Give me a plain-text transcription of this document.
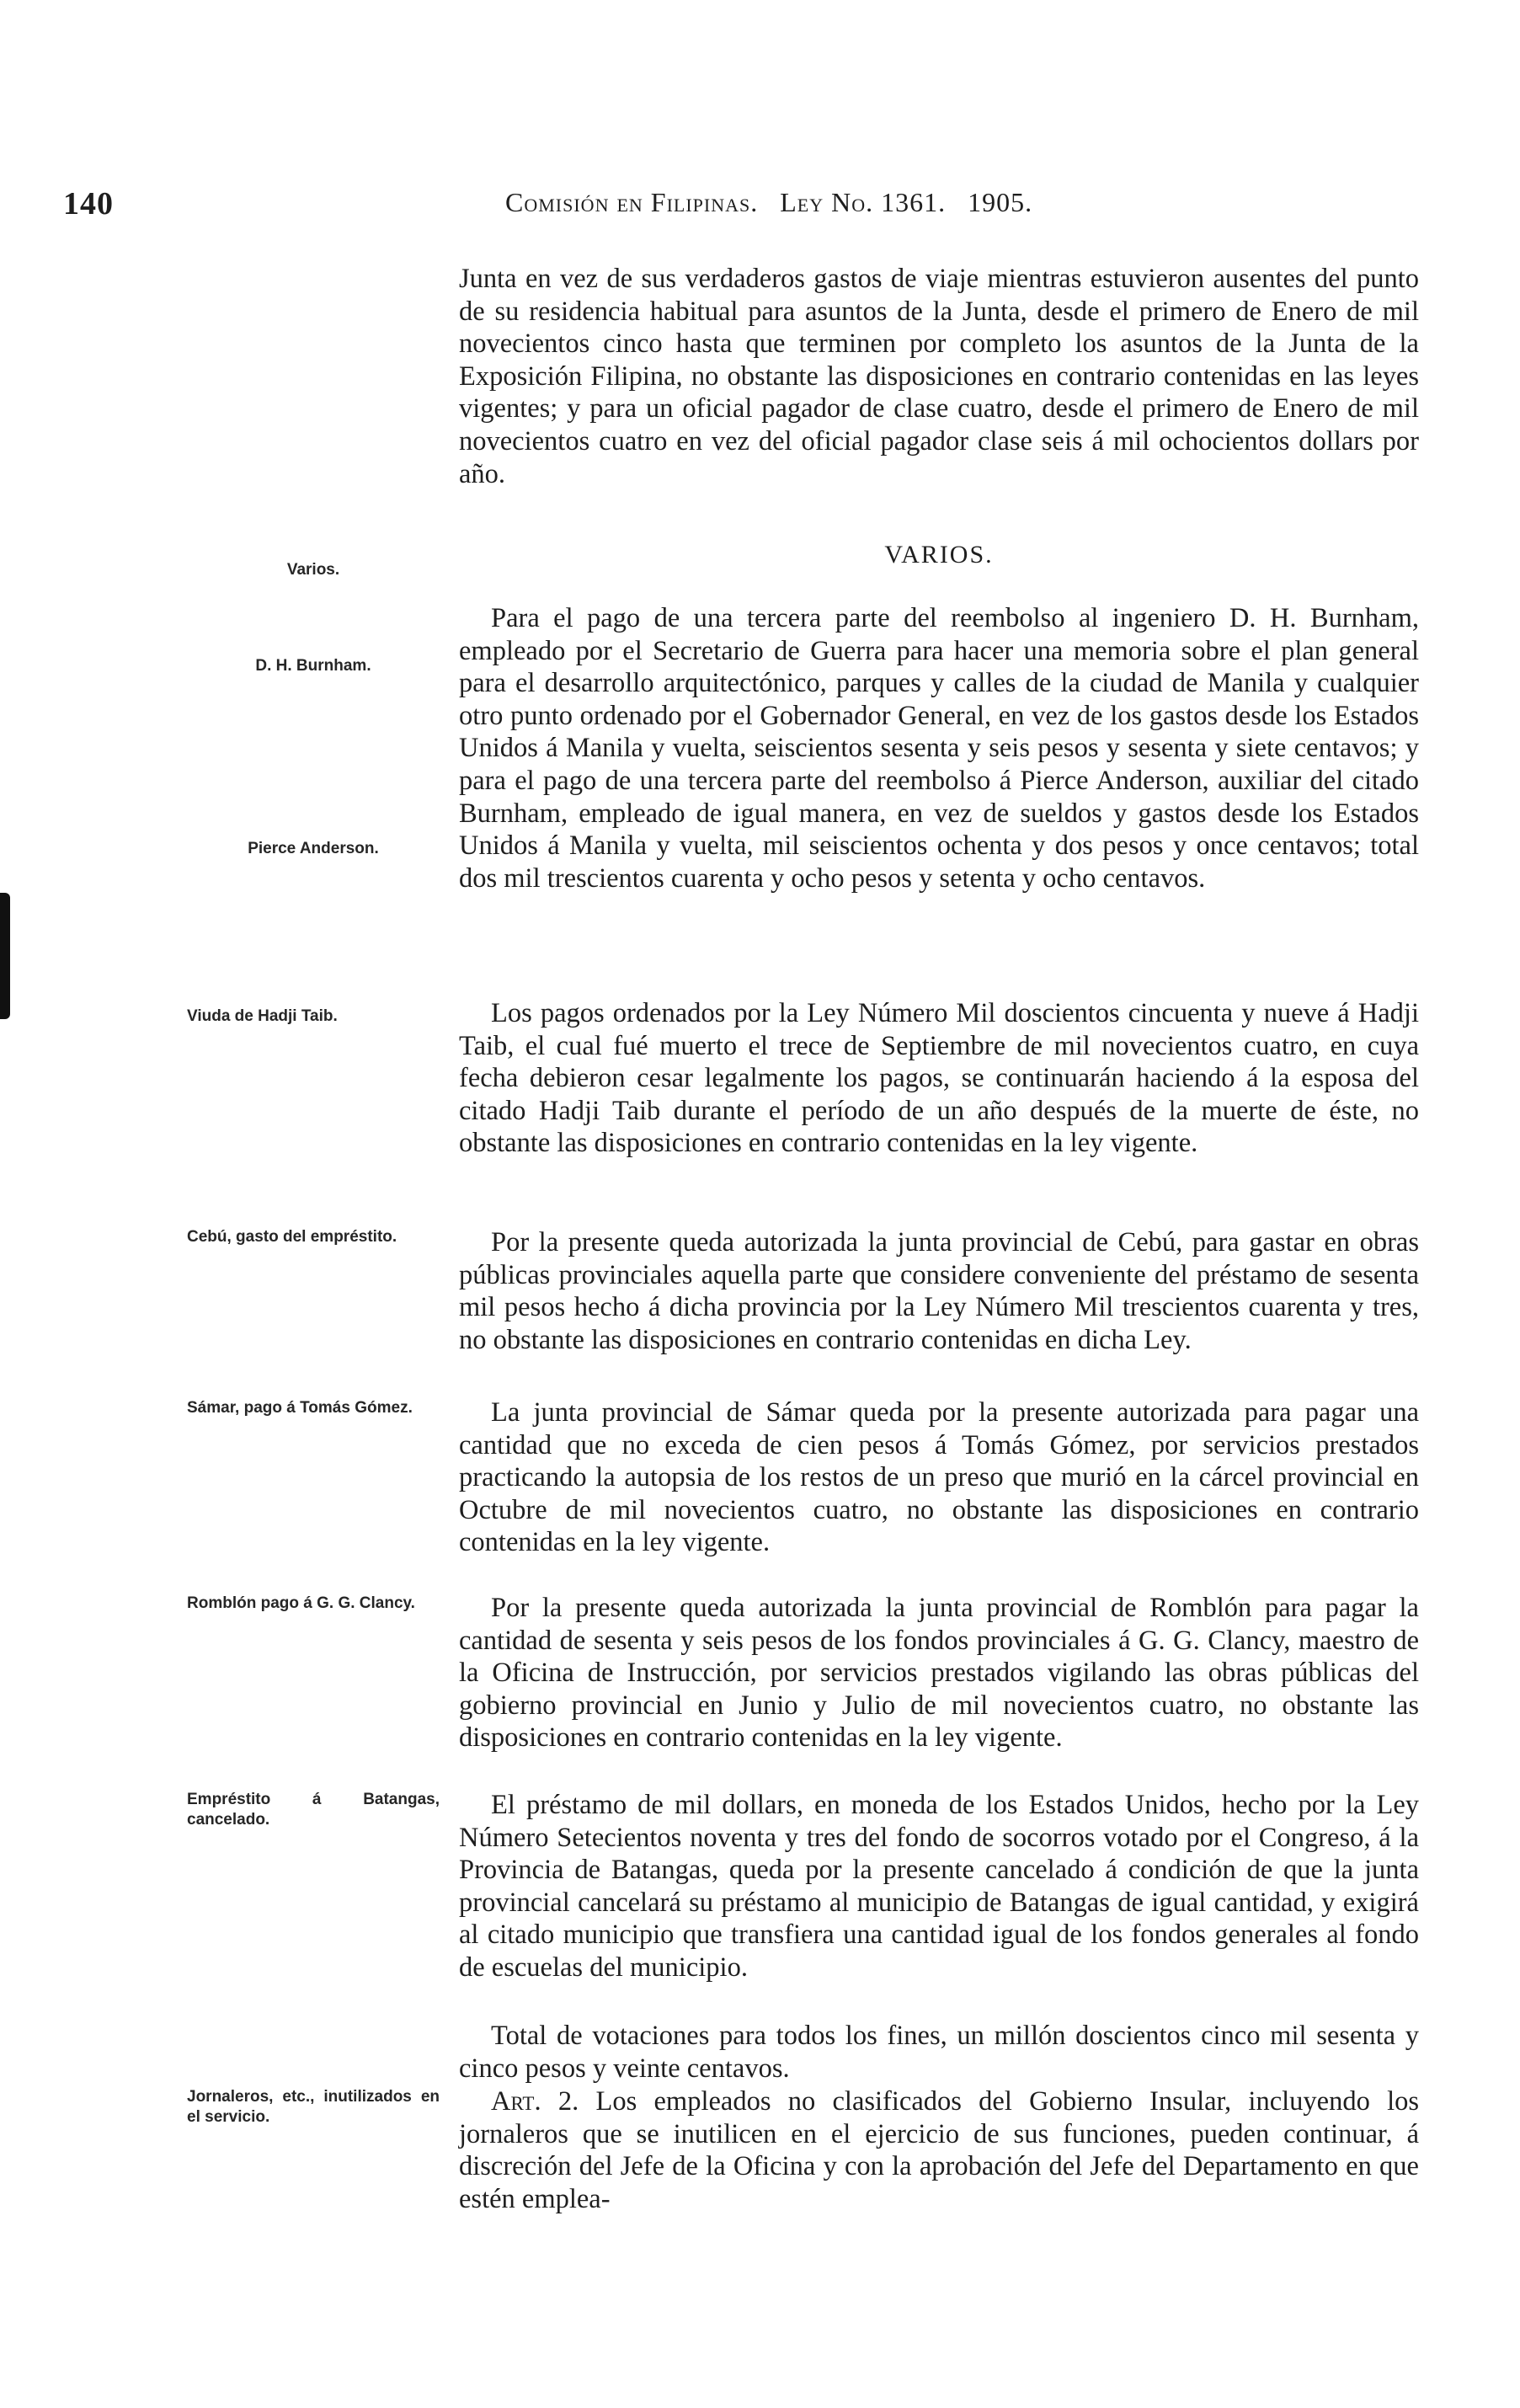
140	Comisión en Filipinas. Ley No. 1361. 1905.
Varios.
D. H. Burnham.
Pierce Anderson.
Viuda de Hadji Taib.
Cebú, gasto del empréstito.
Sámar, pago á Tomás Gómez.
Romblón pago á G. G. Clancy.
Empréstito á Batangas, cancelado.
Jornaleros, etc., inutilizados en el servicio.

Junta en vez de sus verdaderos gastos de viaje mientras estuvieron ausentes del punto de su residencia habitual para asuntos de la Junta, desde el primero de Enero de mil novecientos cinco hasta que terminen por completo los asuntos de la Junta de la Exposición Filipina, no obstante las disposiciones en contrario contenidas en las leyes vigentes; y para un oficial pagador de clase cuatro, desde el primero de Enero de mil novecientos cuatro en vez del oficial pagador clase seis á mil ochocientos dollars por año.

VARIOS.

Para el pago de una tercera parte del reembolso al ingeniero D. H. Burnham, empleado por el Secretario de Guerra para hacer una memoria sobre el plan general para el desarrollo arquitectónico, parques y calles de la ciudad de Manila y cualquier otro punto ordenado por el Gobernador General, en vez de los gastos desde los Estados Unidos á Manila y vuelta, seiscientos sesenta y seis pesos y sesenta y siete centavos; y para el pago de una tercera parte del reembolso á Pierce Anderson, auxiliar del citado Burnham, empleado de igual manera, en vez de sueldos y gastos desde los Estados Unidos á Manila y vuelta, mil seiscientos ochenta y dos pesos y once centavos; total dos mil trescientos cuarenta y ocho pesos y setenta y ocho centavos.

Los pagos ordenados por la Ley Número Mil doscientos cincuenta y nueve á Hadji Taib, el cual fué muerto el trece de Septiembre de mil novecientos cuatro, en cuya fecha debieron cesar legalmente los pagos, se continuarán haciendo á la esposa del citado Hadji Taib durante el período de un año después de la muerte de éste, no obstante las disposiciones en contrario contenidas en la ley vigente.

Por la presente queda autorizada la junta provincial de Cebú, para gastar en obras públicas provinciales aquella parte que considere conveniente del préstamo de sesenta mil pesos hecho á dicha provincia por la Ley Número Mil trescientos cuarenta y tres, no obstante las disposiciones en contrario contenidas en dicha Ley.

La junta provincial de Sámar queda por la presente autorizada para pagar una cantidad que no exceda de cien pesos á Tomás Gómez, por servicios prestados practicando la autopsia de los restos de un preso que murió en la cárcel provincial en Octubre de mil novecientos cuatro, no obstante las disposiciones en contrario contenidas en la ley vigente.

Por la presente queda autorizada la junta provincial de Romblón para pagar la cantidad de sesenta y seis pesos de los fondos provinciales á G. G. Clancy, maestro de la Oficina de Instrucción, por servicios prestados vigilando las obras públicas del gobierno provincial en Junio y Julio de mil novecientos cuatro, no obstante las disposiciones en contrario contenidas en la ley vigente.

El préstamo de mil dollars, en moneda de los Estados Unidos, hecho por la Ley Número Setecientos noventa y tres del fondo de socorros votado por el Congreso, á la Provincia de Batangas, queda por la presente cancelado á condición de que la junta provincial cancelará su préstamo al municipio de Batangas de igual cantidad, y exigirá al citado municipio que transfiera una cantidad igual de los fondos generales al fondo de escuelas del municipio.

Total de votaciones para todos los fines, un millón doscientos cinco mil sesenta y cinco pesos y veinte centavos.

Art. 2. Los empleados no clasificados del Gobierno Insular, incluyendo los jornaleros que se inutilicen en el ejercicio de sus funciones, pueden continuar, á discreción del Jefe de la Oficina y con la aprobación del Jefe del Departamento en que estén emplea-
